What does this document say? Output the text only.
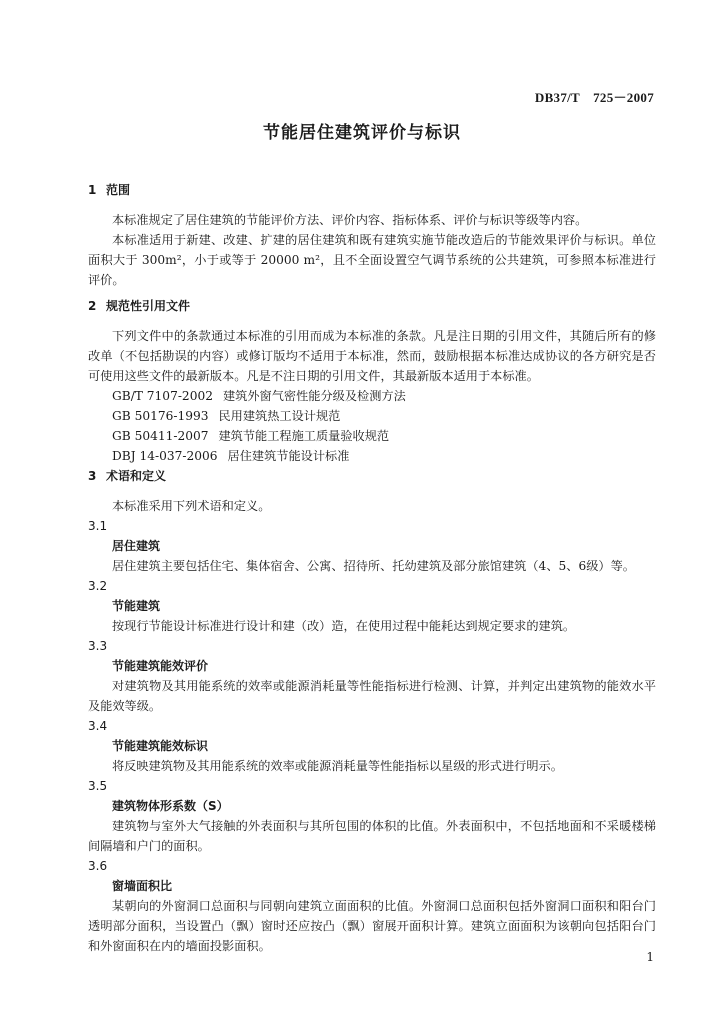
DB37/T　725－2007
节能居住建筑评价与标识
1 范围
本标准规定了居住建筑的节能评价方法、评价内容、指标体系、评价与标识等级等内容。
本标准适用于新建、改建、扩建的居住建筑和既有建筑实施节能改造后的节能效果评价与标识。单位面积大于 300m²，小于或等于 20000 m²，且不全面设置空气调节系统的公共建筑，可参照本标准进行评价。
2 规范性引用文件
下列文件中的条款通过本标准的引用而成为本标准的条款。凡是注日期的引用文件，其随后所有的修改单（不包括勘误的内容）或修订版均不适用于本标准，然而，鼓励根据本标准达成协议的各方研究是否可使用这些文件的最新版本。凡是不注日期的引用文件，其最新版本适用于本标准。
GB/T 7107-2002 建筑外窗气密性能分级及检测方法
GB 50176-1993 民用建筑热工设计规范
GB 50411-2007 建筑节能工程施工质量验收规范
DBJ 14-037-2006 居住建筑节能设计标准
3 术语和定义
本标准采用下列术语和定义。
3.1
居住建筑
居住建筑主要包括住宅、集体宿舍、公寓、招待所、托幼建筑及部分旅馆建筑（4、5、6级）等。
3.2
节能建筑
按现行节能设计标准进行设计和建（改）造，在使用过程中能耗达到规定要求的建筑。
3.3
节能建筑能效评价
对建筑物及其用能系统的效率或能源消耗量等性能指标进行检测、计算，并判定出建筑物的能效水平及能效等级。
3.4
节能建筑能效标识
将反映建筑物及其用能系统的效率或能源消耗量等性能指标以星级的形式进行明示。
3.5
建筑物体形系数（S）
建筑物与室外大气接触的外表面积与其所包围的体积的比值。外表面积中，不包括地面和不采暖楼梯间隔墙和户门的面积。
3.6
窗墙面积比
某朝向的外窗洞口总面积与同朝向建筑立面面积的比值。外窗洞口总面积包括外窗洞口面积和阳台门透明部分面积，当设置凸（飘）窗时还应按凸（飘）窗展开面积计算。建筑立面面积为该朝向包括阳台门和外窗面积在内的墙面投影面积。
1
